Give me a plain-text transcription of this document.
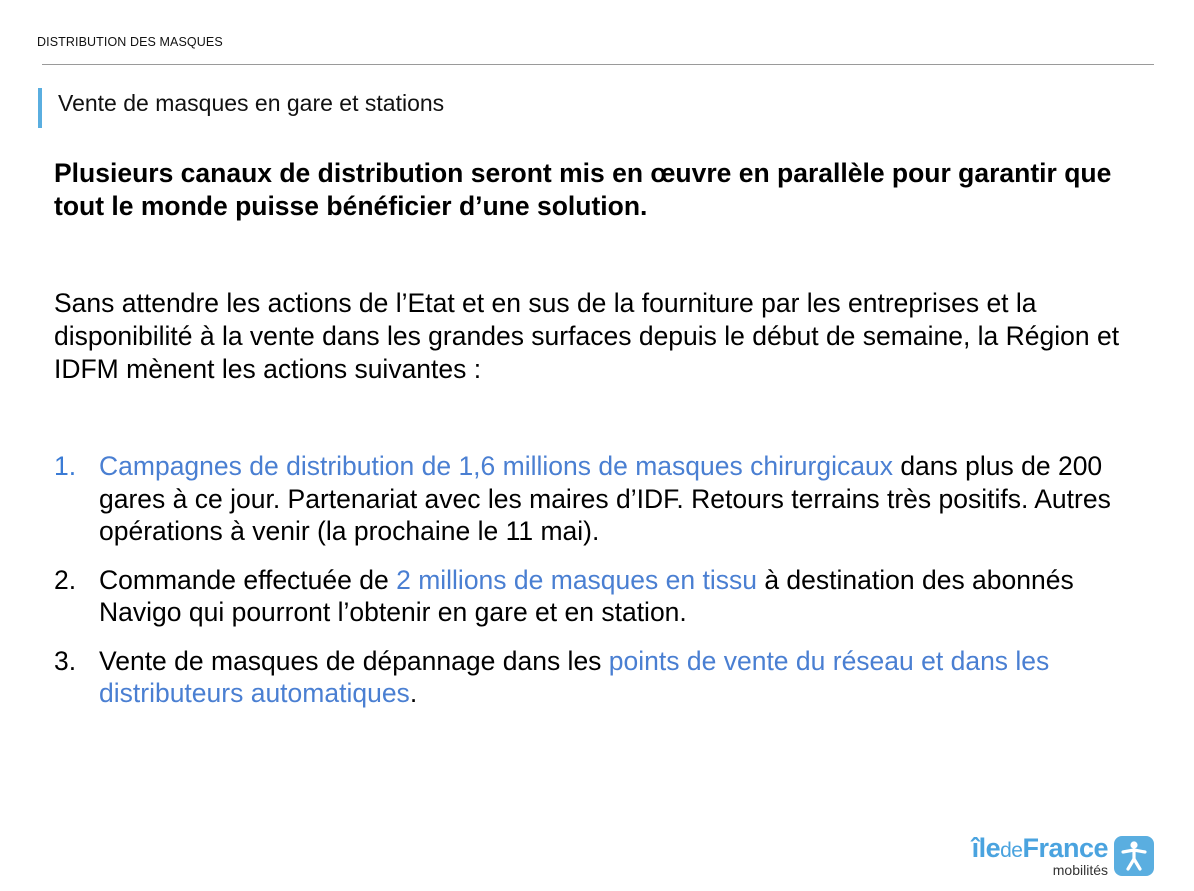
DISTRIBUTION DES MASQUES
Vente de masques en gare et stations
Plusieurs canaux de distribution seront mis en œuvre en parallèle pour garantir que tout le monde puisse bénéficier d’une solution.
Sans attendre les actions de l’Etat et en sus de la fourniture par les entreprises et la disponibilité à la vente dans les grandes surfaces depuis le début de semaine, la Région et IDFM mènent les actions suivantes :
1. Campagnes de distribution de 1,6 millions de masques chirurgicaux dans plus de 200 gares à ce jour. Partenariat avec les maires d’IDF. Retours terrains très positifs. Autres opérations à venir (la prochaine le 11 mai).
2. Commande effectuée de 2 millions de masques en tissu à destination des abonnés Navigo qui pourront l’obtenir en gare et en station.
3. Vente de masques de dépannage dans les points de vente du réseau et dans les distributeurs automatiques.
îledeFrance
mobilités
